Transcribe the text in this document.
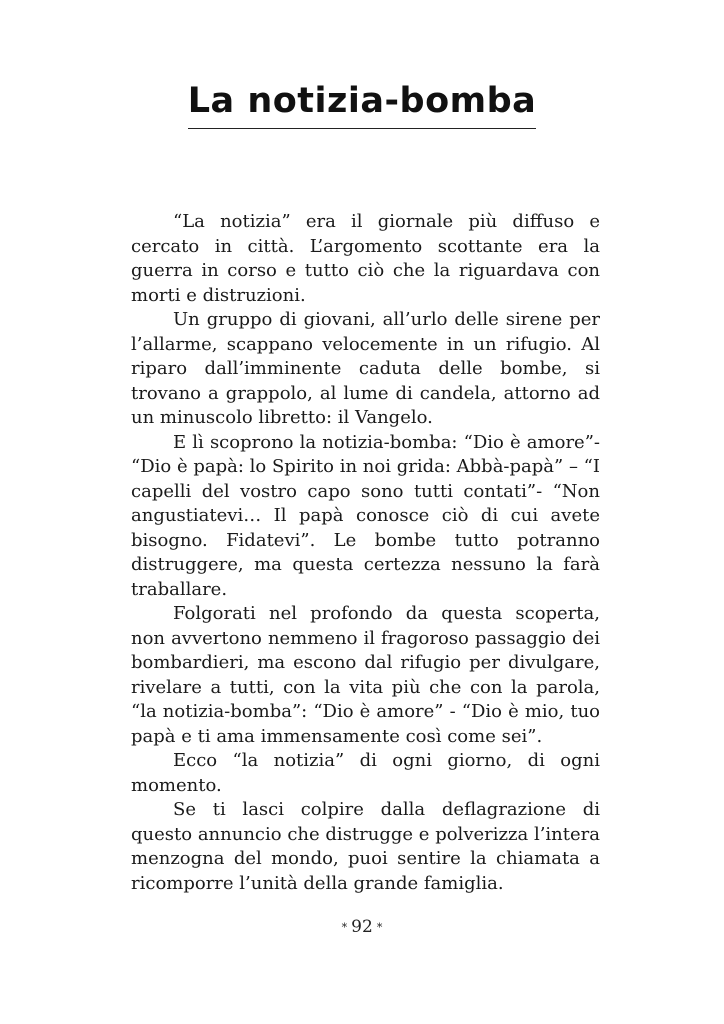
La notizia-bomba

“La notizia” era il giornale più diffuso e cercato in città. L’argomento scottante era la guerra in corso e tutto ciò che la riguardava con morti e distruzioni.

Un gruppo di giovani, all’urlo delle sirene per l’allarme, scappano velocemente in un rifugio. Al riparo dall’imminente caduta delle bombe, si trovano a grappolo, al lume di candela, attorno ad un minuscolo libretto: il Vangelo.

E lì scoprono la notizia-bomba: “Dio è amore”- “Dio è papà: lo Spirito in noi grida: Abbà-papà” – “I capelli del vostro capo sono tutti contati”- “Non angustiatevi… Il papà conosce ciò di cui avete bisogno. Fidatevi”. Le bombe tutto potranno distruggere, ma questa certezza nessuno la farà traballare.

Folgorati nel profondo da questa scoperta, non avvertono nemmeno il fragoroso passaggio dei bombardieri, ma escono dal rifugio per divulgare, rivelare a tutti, con la vita più che con la parola, “la notizia-bomba”: “Dio è amore” - “Dio è mio, tuo papà e ti ama immensamente così come sei”.

Ecco “la notizia” di ogni giorno, di ogni momento.

Se ti lasci colpire dalla deflagrazione di questo annuncio che distrugge e polverizza l’intera menzogna del mondo, puoi sentire la chiamata a ricomporre l’unità della grande famiglia.

* 92 *
